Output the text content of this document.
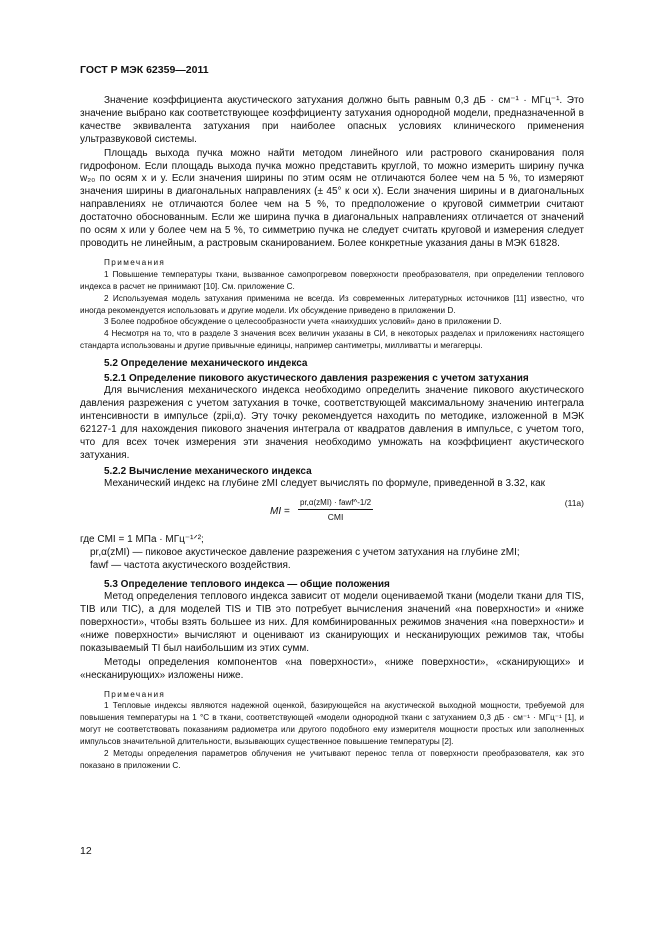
ГОСТ Р МЭК 62359—2011

Значение коэффициента акустического затухания должно быть равным 0,3 дБ · см⁻¹ · МГц⁻¹. Это значение выбрано как соответствующее коэффициенту затухания однородной модели, предназначенной в качестве эквивалента затухания при наиболее опасных условиях клинического применения ультразвуковой системы.

Площадь выхода пучка можно найти методом линейного или растрового сканирования поля гидрофоном. Если площадь выхода пучка можно представить круглой, то можно измерить ширину пучка w₂₀ по осям x и y. Если значения ширины по этим осям не отличаются более чем на 5 %, то измеряют значения ширины в диагональных направлениях (± 45° к оси x). Если значения ширины и в диагональных направлениях не отличаются более чем на 5 %, то предположение о круговой симметрии считают достаточно обоснованным. Если же ширина пучка в диагональных направлениях отличается от значений по осям x или y более чем на 5 %, то симметрию пучка не следует считать круговой и измерения следует проводить не линейным, а растровым сканированием. Более конкретные указания даны в МЭК 61828.

Примечания

1 Повышение температуры ткани, вызванное самопрогревом поверхности преобразователя, при определении теплового индекса в расчет не принимают [10]. См. приложение С.

2 Используемая модель затухания применима не всегда. Из современных литературных источников [11] известно, что иногда рекомендуется использовать и другие модели. Их обсуждение приведено в приложении D.

3 Более подробное обсуждение о целесообразности учета «наихудших условий» дано в приложении D.

4 Несмотря на то, что в разделе 3 значения всех величин указаны в СИ, в некоторых разделах и приложениях настоящего стандарта использованы и другие привычные единицы, например сантиметры, милливатты и мегагерцы.

5.2 Определение механического индекса

5.2.1 Определение пикового акустического давления разрежения с учетом затухания

Для вычисления механического индекса необходимо определить значение пикового акустического давления разрежения с учетом затухания в точке, соответствующей максимальному значению интеграла интенсивности в импульсе (zpii,α). Эту точку рекомендуется находить по методике, изложенной в МЭК 62127-1 для нахождения пикового значения интеграла от квадратов давления в импульсе, с учетом того, что для всех точек измерения эти значения необходимо умножать на коэффициент акустического затухания.

5.2.2 Вычисление механического индекса

Механический индекс на глубине zMI следует вычислять по формуле, приведенной в 3.32, как

MI =
pr,α(zMI) · fawf^-1/2
CMI
(11a)

где CMI = 1 МПа · МГц⁻¹ᐟ²;

pr,α(zMI) — пиковое акустическое давление разрежения с учетом затухания на глубине zMI;

fawf — частота акустического воздействия.

5.3 Определение теплового индекса — общие положения

Метод определения теплового индекса зависит от модели оцениваемой ткани (модели ткани для TIS, TIB или TIC), а для моделей TIS и TIB это потребует вычисления значений «на поверхности» и «ниже поверхности», чтобы взять большее из них. Для комбинированных режимов значения «на поверхности» и «ниже поверхности» вычисляют и оценивают из сканирующих и несканирующих режимов так, чтобы показываемый TI был наибольшим из этих сумм.

Методы определения компонентов «на поверхности», «ниже поверхности», «сканирующих» и «несканирующих» изложены ниже.

Примечания

1 Тепловые индексы являются надежной оценкой, базирующейся на акустической выходной мощности, требуемой для повышения температуры на 1 °С в ткани, соответствующей «модели однородной ткани с затуханием 0,3 дБ · см⁻¹ · МГц⁻¹ [1], и могут не соответствовать показаниям радиометра или другого подобного ему измерителя мощности простых или заполненных импульсов значительной длительности, вызывающих существенное повышение температуры [2].

2 Методы определения параметров облучения не учитывают перенос тепла от поверхности преобразователя, как это показано в приложении С.

12
